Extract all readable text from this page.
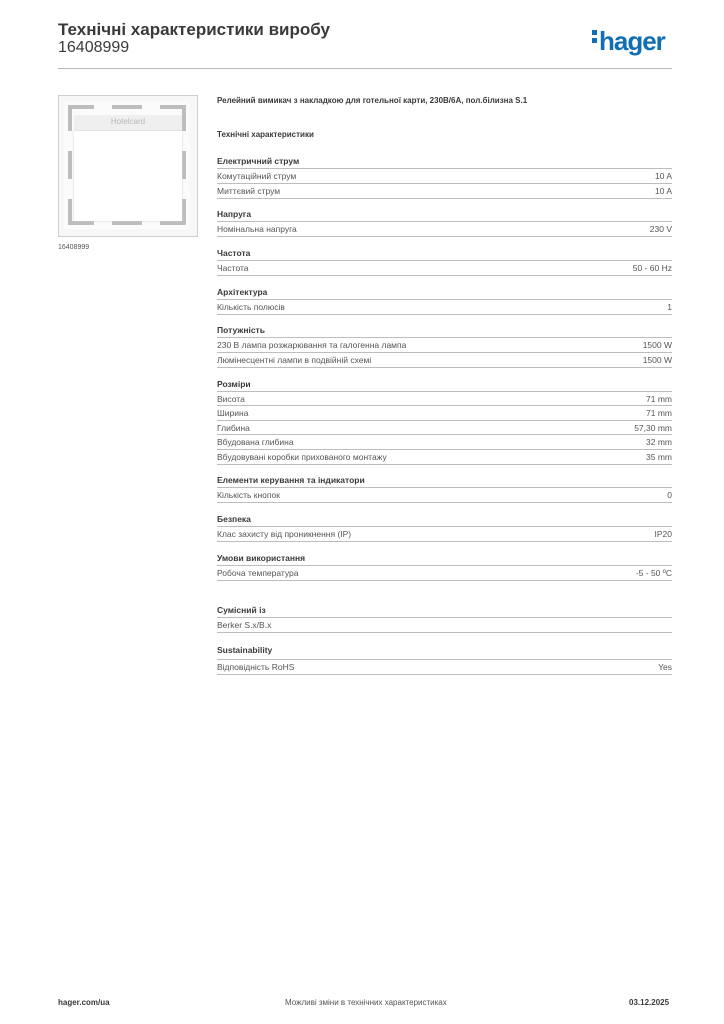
Технічні характеристики виробу
16408999	hager
Hotelcard
16408999
Релейний вимикач з накладкою для готельної карти, 230В/6А, пол.білизна S.1
Технічні характеристики
Електричний струм
Комутаційний струм	10 A
Миттєвий струм	10 A
Напруга
Номінальна напруга	230 V
Частота
Частота	50 - 60 Hz
Архітектура
Кількість полюсів	1
Потужність
230 В лампа розжарювання та галогенна лампа	1500 W
Люмінесцентні лампи в подвійній схемі	1500 W
Розміри
Висота	71 mm
Ширина	71 mm
Глибина	57,30 mm
Вбудована глибина	32 mm
Вбудовувані коробки прихованого монтажу	35 mm
Елементи керування та індикатори
Кількість кнопок	0
Безпека
Клас захисту від проникнення (IP)	IP20
Умови використання
Робоча температура	-5 - 50 ºC
Сумісний із
Berker S.x/B.x
Sustainability
Відповідність RoHS	Yes
hager.com/ua	Можливі зміни в технічних характеристиках	03.12.2025
